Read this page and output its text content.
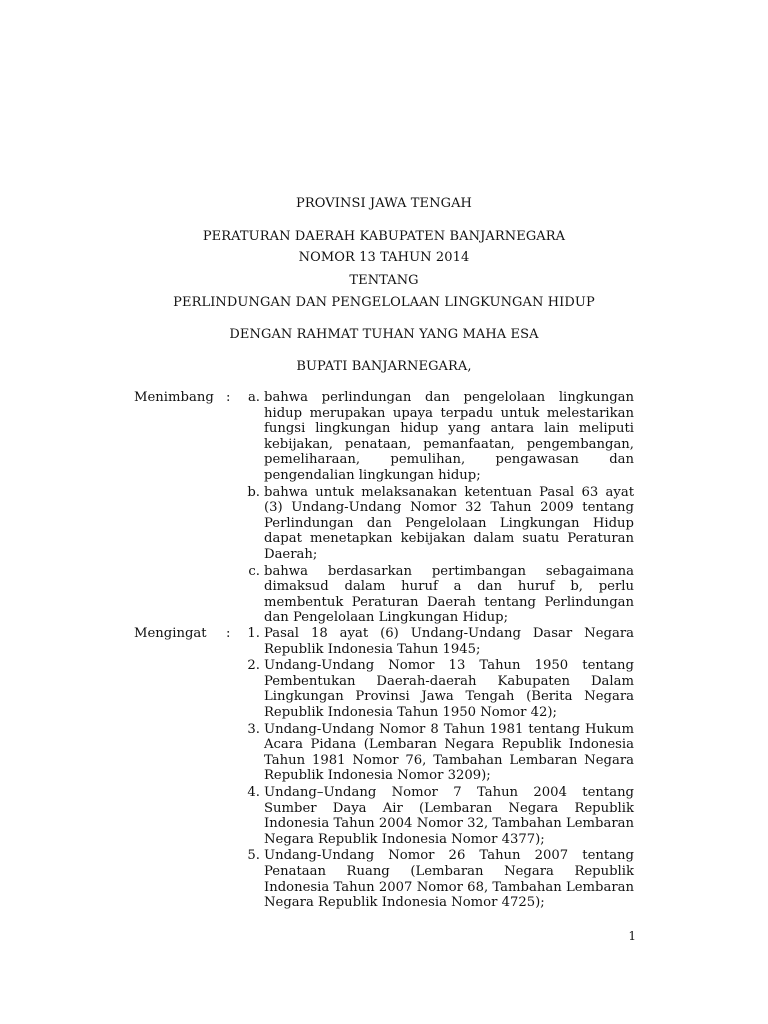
PROVINSI JAWA TENGAH
PERATURAN DAERAH KABUPATEN BANJARNEGARA
NOMOR 13 TAHUN 2014
TENTANG
PERLINDUNGAN DAN PENGELOLAAN LINGKUNGAN HIDUP
DENGAN RAHMAT TUHAN YANG MAHA ESA
BUPATI BANJARNEGARA,
Menimbang :	a. bahwa perlindungan dan pengelolaan lingkungan hidup merupakan upaya terpadu untuk melestarikan fungsi lingkungan hidup yang antara lain meliputi kebijakan, penataan, pemanfaatan, pengembangan, pemeliharaan, pemulihan, pengawasan dan pengendalian lingkungan hidup;
b. bahwa untuk melaksanakan ketentuan Pasal 63 ayat (3) Undang-Undang Nomor 32 Tahun 2009 tentang Perlindungan dan Pengelolaan Lingkungan Hidup dapat menetapkan kebijakan dalam suatu Peraturan Daerah;
c. bahwa berdasarkan pertimbangan sebagaimana dimaksud dalam huruf a dan huruf b, perlu membentuk Peraturan Daerah tentang Perlindungan dan Pengelolaan Lingkungan Hidup;
Mengingat	:	1. Pasal 18 ayat (6) Undang-Undang Dasar Negara Republik Indonesia Tahun 1945;
2. Undang-Undang Nomor 13 Tahun 1950 tentang Pembentukan Daerah-daerah Kabupaten Dalam Lingkungan Provinsi Jawa Tengah (Berita Negara Republik Indonesia Tahun 1950 Nomor 42);
3. Undang-Undang Nomor 8 Tahun 1981 tentang Hukum Acara Pidana (Lembaran Negara Republik Indonesia Tahun 1981 Nomor 76, Tambahan Lembaran Negara Republik Indonesia Nomor 3209);
4. Undang–Undang Nomor 7 Tahun 2004 tentang Sumber Daya Air (Lembaran Negara Republik Indonesia Tahun 2004 Nomor 32, Tambahan Lembaran Negara Republik Indonesia Nomor 4377);
5. Undang-Undang Nomor 26 Tahun 2007 tentang Penataan Ruang (Lembaran Negara Republik Indonesia Tahun 2007 Nomor 68, Tambahan Lembaran Negara Republik Indonesia Nomor 4725);
1
